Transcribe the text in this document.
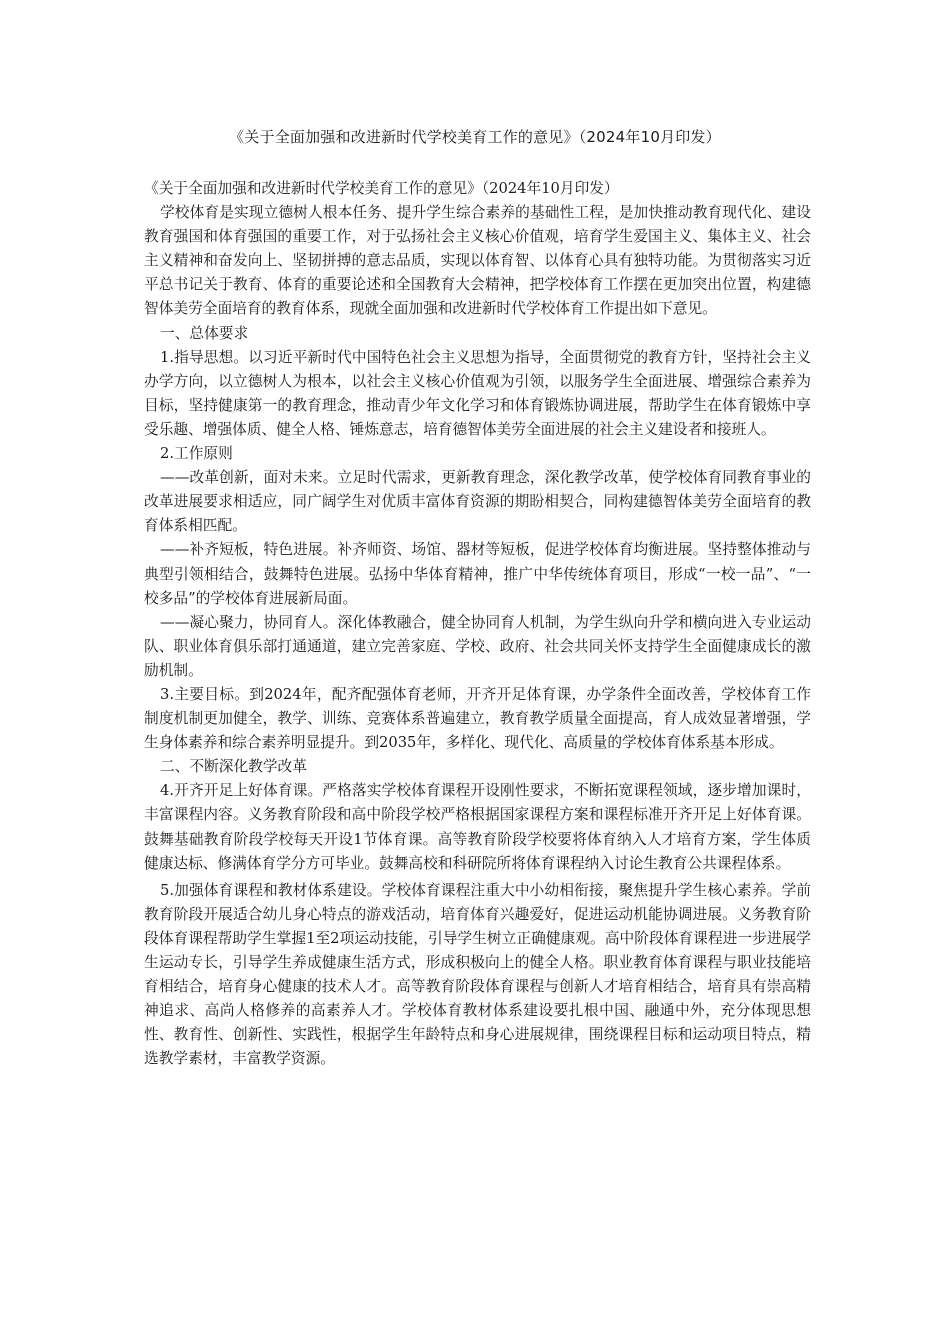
《关于全面加强和改进新时代学校美育工作的意见》（2024年10月印发）

《关于全面加强和改进新时代学校美育工作的意见》（2024年10月印发）

学校体育是实现立德树人根本任务、提升学生综合素养的基础性工程，是加快推动教育现代化、建设教育强国和体育强国的重要工作，对于弘扬社会主义核心价值观，培育学生爱国主义、集体主义、社会主义精神和奋发向上、坚韧拼搏的意志品质，实现以体育智、以体育心具有独特功能。为贯彻落实习近平总书记关于教育、体育的重要论述和全国教育大会精神，把学校体育工作摆在更加突出位置，构建德智体美劳全面培育的教育体系，现就全面加强和改进新时代学校体育工作提出如下意见。

一、总体要求

1.指导思想。以习近平新时代中国特色社会主义思想为指导，全面贯彻党的教育方针，坚持社会主义办学方向，以立德树人为根本，以社会主义核心价值观为引领，以服务学生全面进展、增强综合素养为目标，坚持健康第一的教育理念，推动青少年文化学习和体育锻炼协调进展，帮助学生在体育锻炼中享受乐趣、增强体质、健全人格、锤炼意志，培育德智体美劳全面进展的社会主义建设者和接班人。

2.工作原则

——改革创新，面对未来。立足时代需求，更新教育理念，深化教学改革，使学校体育同教育事业的改革进展要求相适应，同广阔学生对优质丰富体育资源的期盼相契合，同构建德智体美劳全面培育的教育体系相匹配。

——补齐短板，特色进展。补齐师资、场馆、器材等短板，促进学校体育均衡进展。坚持整体推动与典型引领相结合，鼓舞特色进展。弘扬中华体育精神，推广中华传统体育项目，形成“一校一品”、“一校多品”的学校体育进展新局面。

——凝心聚力，协同育人。深化体教融合，健全协同育人机制，为学生纵向升学和横向进入专业运动队、职业体育俱乐部打通通道，建立完善家庭、学校、政府、社会共同关怀支持学生全面健康成长的激励机制。

3.主要目标。到2024年，配齐配强体育老师，开齐开足体育课，办学条件全面改善，学校体育工作制度机制更加健全，教学、训练、竞赛体系普遍建立，教育教学质量全面提高，育人成效显著增强，学生身体素养和综合素养明显提升。到2035年，多样化、现代化、高质量的学校体育体系基本形成。

二、不断深化教学改革

4.开齐开足上好体育课。严格落实学校体育课程开设刚性要求，不断拓宽课程领域，逐步增加课时，丰富课程内容。义务教育阶段和高中阶段学校严格根据国家课程方案和课程标准开齐开足上好体育课。鼓舞基础教育阶段学校每天开设1节体育课。高等教育阶段学校要将体育纳入人才培育方案，学生体质健康达标、修满体育学分方可毕业。鼓舞高校和科研院所将体育课程纳入讨论生教育公共课程体系。

5.加强体育课程和教材体系建设。学校体育课程注重大中小幼相衔接，聚焦提升学生核心素养。学前教育阶段开展适合幼儿身心特点的游戏活动，培育体育兴趣爱好，促进运动机能协调进展。义务教育阶段体育课程帮助学生掌握1至2项运动技能，引导学生树立正确健康观。高中阶段体育课程进一步进展学生运动专长，引导学生养成健康生活方式，形成积极向上的健全人格。职业教育体育课程与职业技能培育相结合，培育身心健康的技术人才。高等教育阶段体育课程与创新人才培育相结合，培育具有崇高精神追求、高尚人格修养的高素养人才。学校体育教材体系建设要扎根中国、融通中外，充分体现思想性、教育性、创新性、实践性，根据学生年龄特点和身心进展规律，围绕课程目标和运动项目特点，精选教学素材，丰富教学资源。
